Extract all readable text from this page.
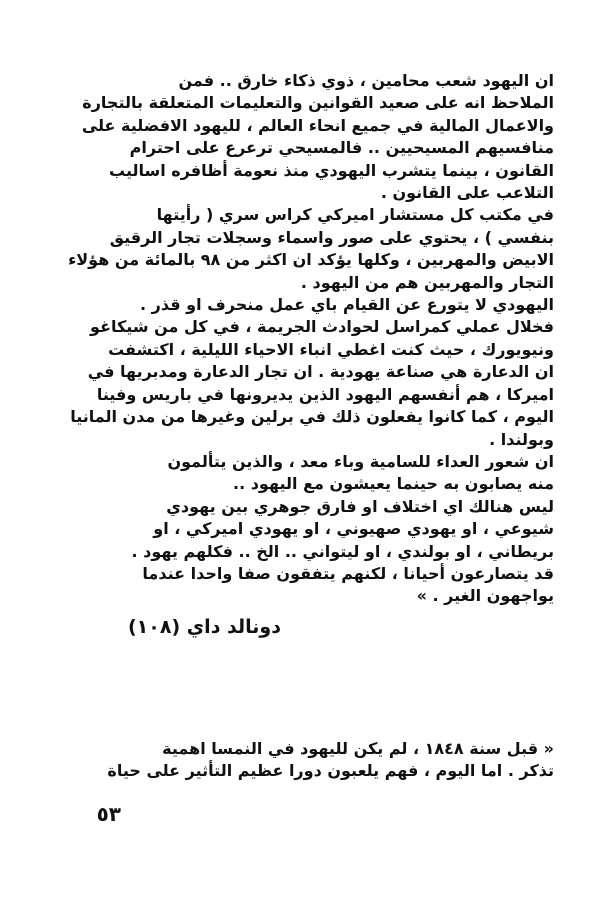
ان اليهود شعب محامين ، ذوي ذكاء خارق .. فمن
الملاحظ انه على صعيد القوانين والتعليمات المتعلقة بالتجارة
والاعمال المالية في جميع انحاء العالم ، لليهود الافضلية على
منافسيهم المسيحيين .. فالمسيحي ترعرع على احترام
القانون ، بينما يتشرب اليهودي منذ نعومة أظافره اساليب
التلاعب على القانون .

في مكتب كل مستشار اميركي كراس سري ( رأيتها
بنفسي ) ، يحتوي على صور واسماء وسجلات تجار الرقيق
الابيض والمهربين ، وكلها يؤكد ان اكثر من ٩٨ بالمائة من هؤلاء
التجار والمهربين هم من اليهود .

اليهودي لا يتورع عن القيام باي عمل منحرف او قذر .
فخلال عملي كمراسل لحوادث الجريمة ، في كل من شيكاغو
ونيويورك ، حيث كنت اغطي انباء الاحياء الليلية ، اكتشفت
ان الدعارة هي صناعة يهودية . ان تجار الدعارة ومدبريها في
اميركا ، هم أنفسهم اليهود الذين يديرونها في باريس وفينا
اليوم ، كما كانوا يفعلون ذلك في برلين وغيرها من مدن المانيا
وبولندا .

ان شعور العداء للسامية وباء معد ، والذين يتألمون
منه يصابون به حينما يعيشون مع اليهود ..

ليس هنالك اي اختلاف او فارق جوهري بين يهودي
شيوعي ، او يهودي صهيوني ، او يهودي اميركي ، او
بريطاني ، او بولندي ، او ليتواني .. الخ .. فكلهم يهود .
قد يتصارعون أحيانا ، لكنهم يتفقون صفا واحدا عندما
يواجهون الغير . »

دونالد داي (١٠٨)

« قبل سنة ١٨٤٨ ، لم يكن لليهود في النمسا اهمية
تذكر . اما اليوم ، فهم يلعبون دورا عظيم التأثير على حياة

٥٣
